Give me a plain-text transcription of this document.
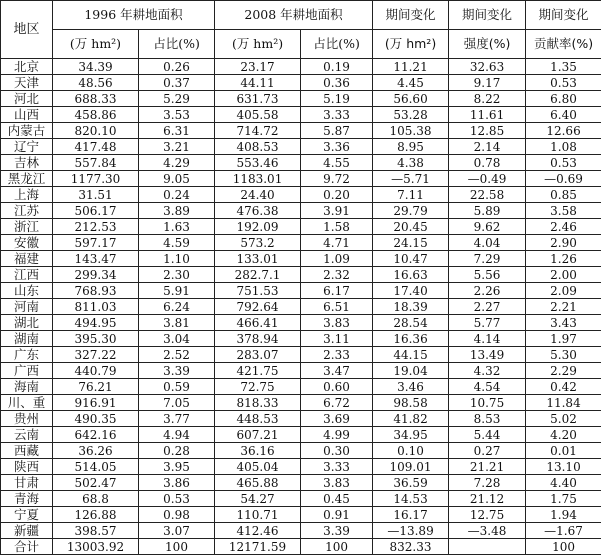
地区	1996 年耕地面积		2008 年耕地面积		期间变化	期间变化	期间变化
	(万 hm²)	占比(%)	(万 hm²)	占比(%)	(万 hm²)	强度(%)	贡献率(%)
北京	34.39	0.26	23.17	0.19	11.21	32.63	1.35
天津	48.56	0.37	44.11	0.36	4.45	9.17	0.53
河北	688.33	5.29	631.73	5.19	56.60	8.22	6.80
山西	458.86	3.53	405.58	3.33	53.28	11.61	6.40
内蒙古	820.10	6.31	714.72	5.87	105.38	12.85	12.66
辽宁	417.48	3.21	408.53	3.36	8.95	2.14	1.08
吉林	557.84	4.29	553.46	4.55	4.38	0.78	0.53
黑龙江	1177.30	9.05	1183.01	9.72	—5.71	—0.49	—0.69
上海	31.51	0.24	24.40	0.20	7.11	22.58	0.85
江苏	506.17	3.89	476.38	3.91	29.79	5.89	3.58
浙江	212.53	1.63	192.09	1.58	20.45	9.62	2.46
安徽	597.17	4.59	573.2	4.71	24.15	4.04	2.90
福建	143.47	1.10	133.01	1.09	10.47	7.29	1.26
江西	299.34	2.30	282.7.1	2.32	16.63	5.56	2.00
山东	768.93	5.91	751.53	6.17	17.40	2.26	2.09
河南	811.03	6.24	792.64	6.51	18.39	2.27	2.21
湖北	494.95	3.81	466.41	3.83	28.54	5.77	3.43
湖南	395.30	3.04	378.94	3.11	16.36	4.14	1.97
广东	327.22	2.52	283.07	2.33	44.15	13.49	5.30
广西	440.79	3.39	421.75	3.47	19.04	4.32	2.29
海南	76.21	0.59	72.75	0.60	3.46	4.54	0.42
川、重	916.91	7.05	818.33	6.72	98.58	10.75	11.84
贵州	490.35	3.77	448.53	3.69	41.82	8.53	5.02
云南	642.16	4.94	607.21	4.99	34.95	5.44	4.20
西藏	36.26	0.28	36.16	0.30	0.10	0.27	0.01
陕西	514.05	3.95	405.04	3.33	109.01	21.21	13.10
甘肃	502.47	3.86	465.88	3.83	36.59	7.28	4.40
青海	68.8	0.53	54.27	0.45	14.53	21.12	1.75
宁夏	126.88	0.98	110.71	0.91	16.17	12.75	1.94
新疆	398.57	3.07	412.46	3.39	—13.89	—3.48	—1.67
合计	13003.92	100	12171.59	100	832.33		100
